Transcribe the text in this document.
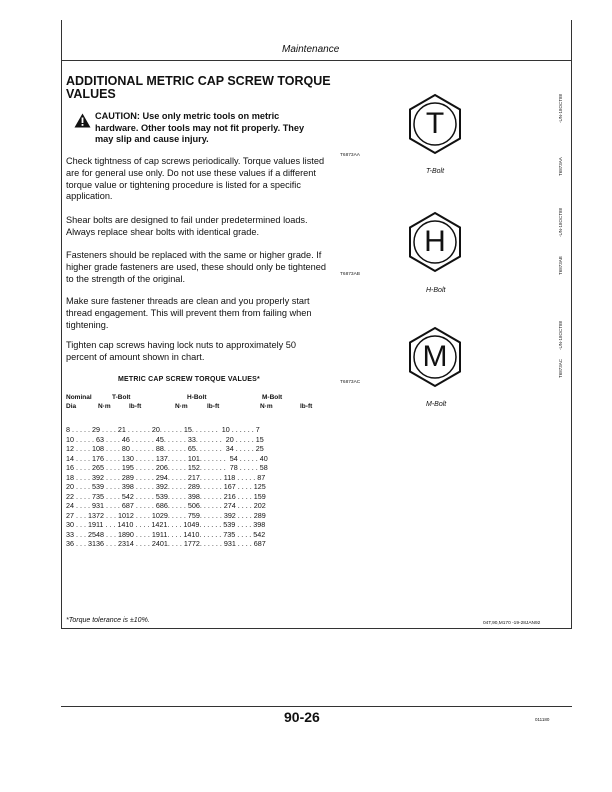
Maintenance
ADDITIONAL METRIC CAP SCREW TORQUE VALUES
CAUTION: Use only metric tools on metric hardware. Other tools may not fit properly. They may slip and cause injury.
Check tightness of cap screws periodically. Torque values listed are for general use only. Do not use these values if a different torque value or tightening procedure is listed for a specific application.
Shear bolts are designed to fail under predetermined loads. Always replace shear bolts with identical grade.
Fasteners should be replaced with the same or higher grade. If higher grade fasteners are used, these should only be tightened to the strength of the original.
Make sure fastener threads are clean and you properly start thread engagement. This will prevent them from failing when tightening.
Tighten cap screws having lock nuts to approximately 50 percent of amount shown in chart.
METRIC CAP SCREW TORQUE VALUES*
Nominal	T-Bolt	H-Bolt	M-Bolt
Dia	N·m	lb-ft	N·m	lb-ft	N·m	lb-ft
8 . . . . . 29 . . . . 21 . . . . . . 20. . . . . . 15. . . . . . .  10 . . . . . . 7
10 . . . . . 63 . . . . 46 . . . . . . 45. . . . . . 33. . . . . . .  20 . . . . . 15
12 . . . . 108 . . . . 80 . . . . . . 88. . . . . . 65. . . . . . .  34 . . . . . 25
14 . . . . 176 . . . . 130 . . . . . 137. . . . . 101. . . . . . .  54 . . . . . 40
16 . . . . 265 . . . . 195 . . . . . 206. . . . . 152. . . . . . .  78 . . . . . 58
18 . . . . 392 . . . . 289 . . . . . 294. . . . . 217. . . . . . 118 . . . . . 87
20 . . . . 539 . . . . 398 . . . . . 392. . . . . 289. . . . . . 167 . . . . 125
22 . . . . 735 . . . . 542 . . . . . 539. . . . . 398. . . . . . 216 . . . . 159
24 . . . . 931 . . . . 687 . . . . . 686. . . . . 506. . . . . . 274 . . . . 202
27 . . . 1372 . . . 1012 . . . . 1029. . . . . 759. . . . . . 392 . . . . 289
30 . . . 1911 . . . 1410 . . . . 1421. . . . 1049. . . . . . 539 . . . . 398
33 . . . 2548 . . . 1890 . . . . 1911. . . . 1410. . . . . . 735 . . . . 542
36 . . . 3136 . . . 2314 . . . . 2401. . . . 1772. . . . . . 931 . . . . 687
T
T6873AA
T-Bolt	T6873AA
-UN-18OCT88
H
T6873AB
H-Bolt
T6873AB
-UN-18OCT88
M
T6873AC
M-Bolt
T6873AC
-UN-18OCT88
*Torque tolerance is ±10%.	04T,90,M170 -19-28JAN92
90-26	011180
